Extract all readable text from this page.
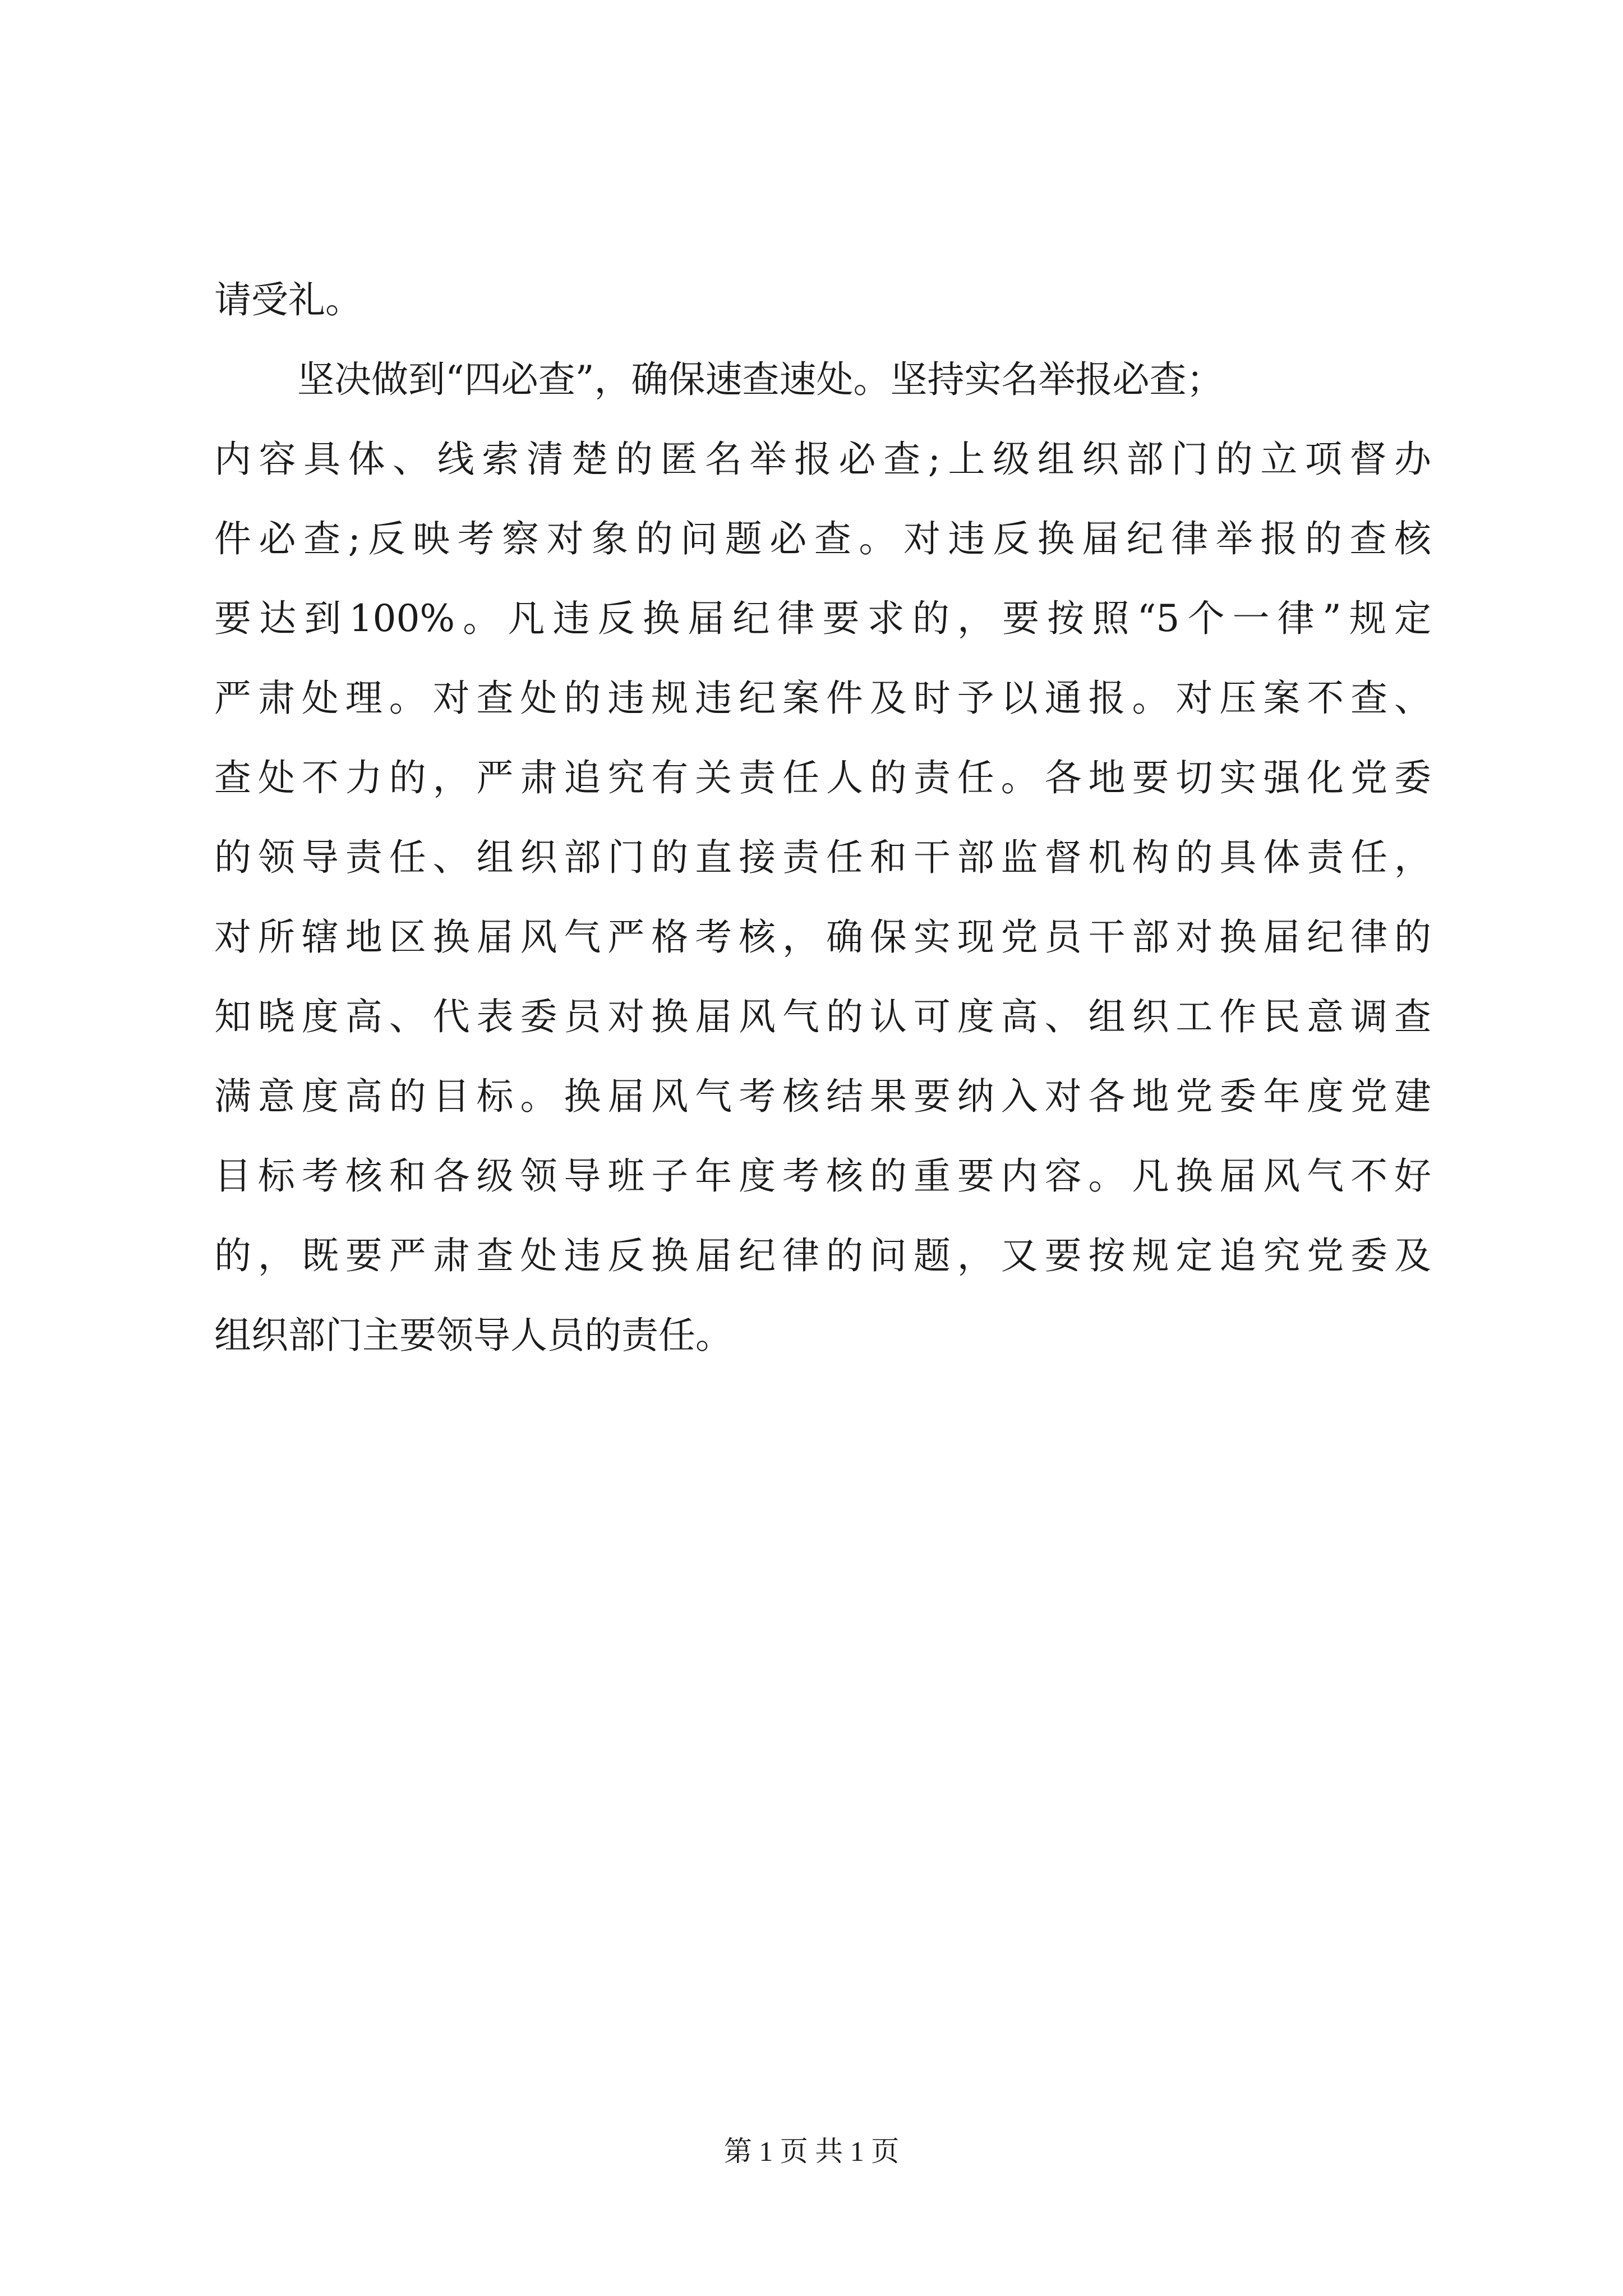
请受礼。
坚决做到“四必查”，确保速查速处。坚持实名举报必查；
内容具体、线索清楚的匿名举报必查;上级组织部门的立项督办
件必查;反映考察对象的问题必查。对违反换届纪律举报的查核
要达到100%。凡违反换届纪律要求的，要按照“5个一律”规定
严肃处理。对查处的违规违纪案件及时予以通报。对压案不查、
查处不力的，严肃追究有关责任人的责任。各地要切实强化党委
的领导责任、组织部门的直接责任和干部监督机构的具体责任，
对所辖地区换届风气严格考核，确保实现党员干部对换届纪律的
知晓度高、代表委员对换届风气的认可度高、组织工作民意调查
满意度高的目标。换届风气考核结果要纳入对各地党委年度党建
目标考核和各级领导班子年度考核的重要内容。凡换届风气不好
的，既要严肃查处违反换届纪律的问题，又要按规定追究党委及
组织部门主要领导人员的责任。
第 1 页 共 1 页
